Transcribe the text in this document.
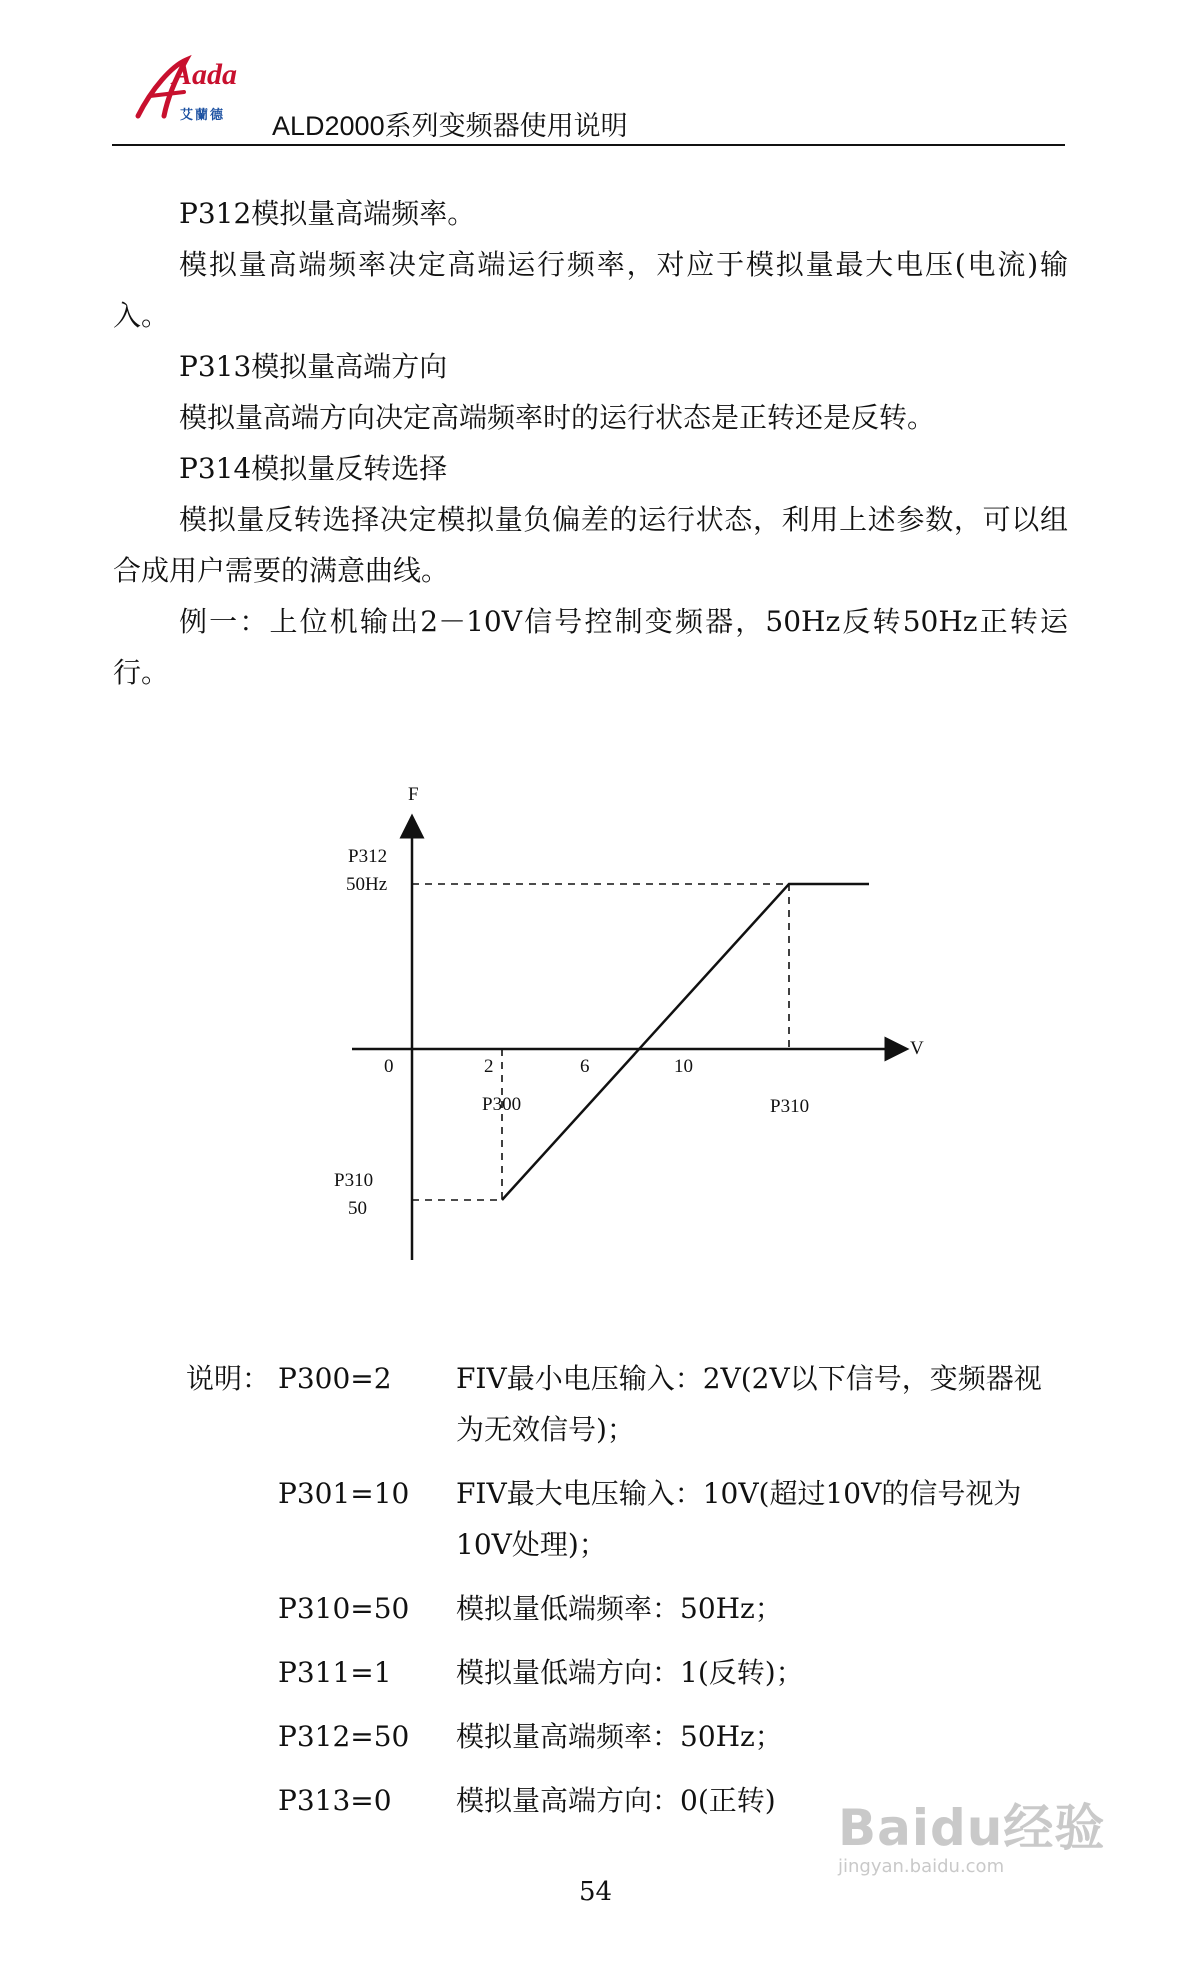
Aada
艾蘭德 ALD2000系列变频器使用说明

P312模拟量高端频率。

模拟量高端频率决定高端运行频率，对应于模拟量最大电压(电流)输入。

P313模拟量高端方向

模拟量高端方向决定高端频率时的运行状态是正转还是反转。

P314模拟量反转选择

模拟量反转选择决定模拟量负偏差的运行状态，利用上述参数，可以组合成用户需要的满意曲线。

例一：上位机输出2－10V信号控制变频器，50Hz反转50Hz正转运行。

F
V
P312
50Hz
P310
50
0	2	6	10
P300	P310
说明： P300=2 FIV最小电压输入：2V(2V以下信号，变频器视为无效信号)；
P301=10 FIV最大电压输入：10V(超过10V的信号视为10V处理)；
P310=50 模拟量低端频率：50Hz；
P311=1 模拟量低端方向：1(反转)；
P312=50 模拟量高端频率：50Hz；
P313=0 模拟量高端方向：0(正转)
54
Baidu经验
jingyan.baidu.com
